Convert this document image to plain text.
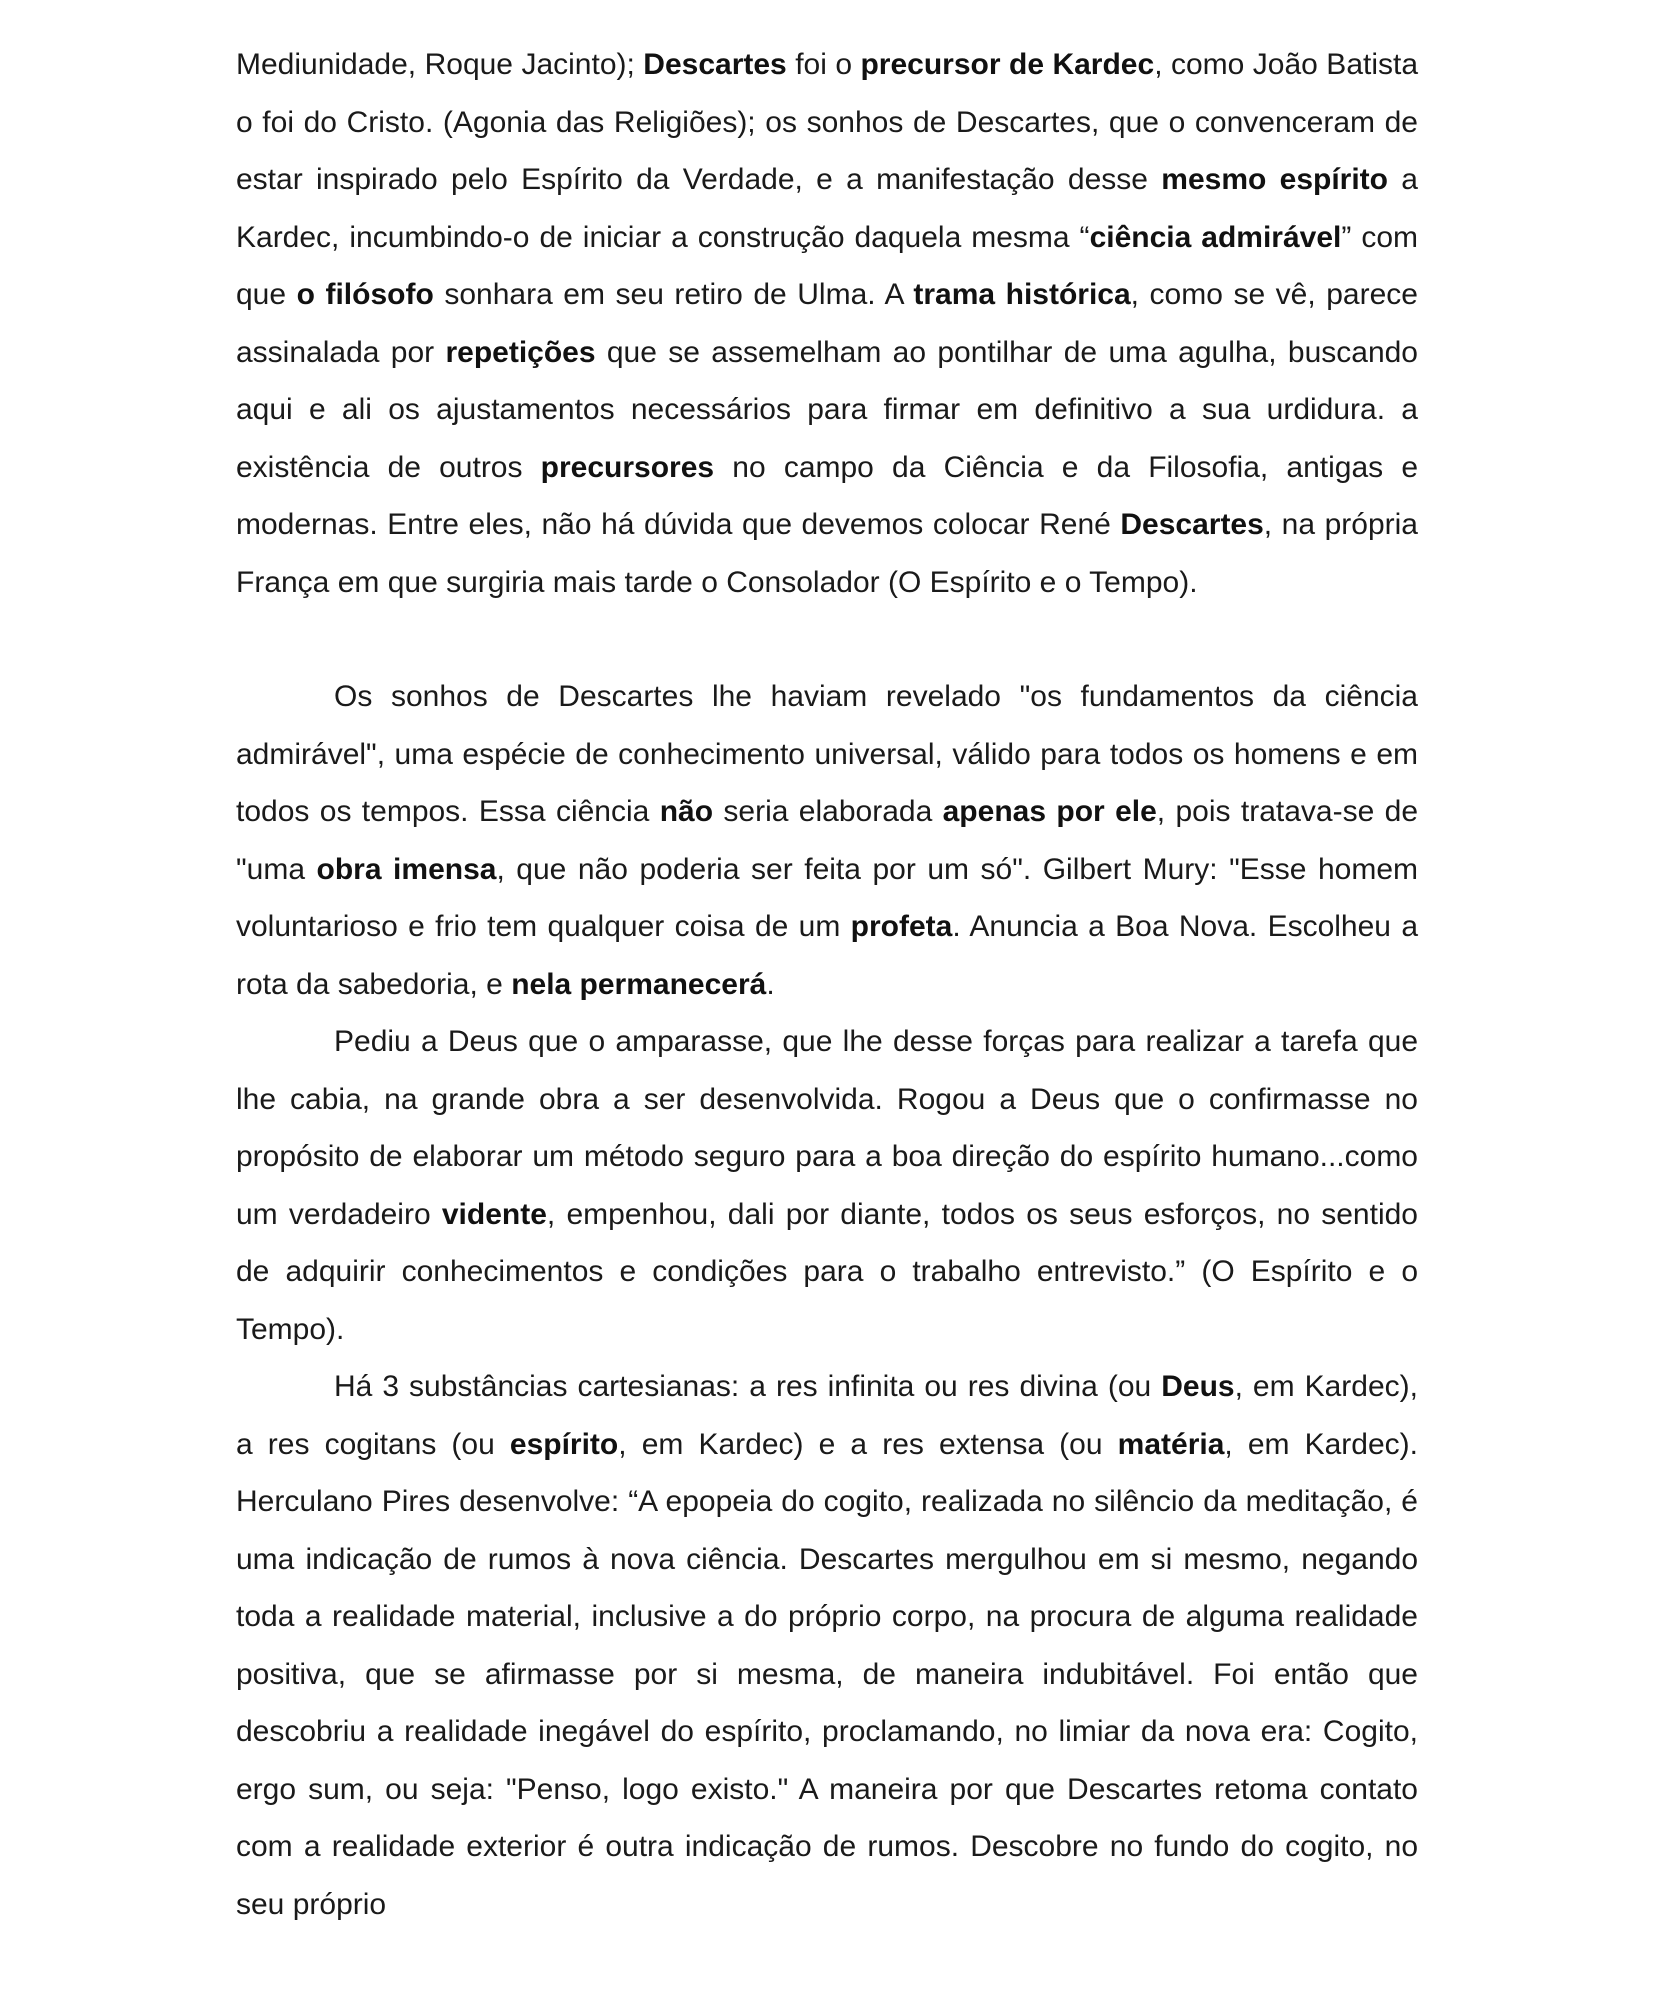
Mediunidade, Roque Jacinto); Descartes foi o precursor de Kardec, como João Batista o foi do Cristo. (Agonia das Religiões); os sonhos de Descartes, que o convenceram de estar inspirado pelo Espírito da Verdade, e a manifestação desse mesmo espírito a Kardec, incumbindo-o de iniciar a construção daquela mesma “ciência admirável” com que o filósofo sonhara em seu retiro de Ulma. A trama histórica, como se vê, parece assinalada por repetições que se assemelham ao pontilhar de uma agulha, buscando aqui e ali os ajustamentos necessários para firmar em definitivo a sua urdidura. a existência de outros precursores no campo da Ciência e da Filosofia, antigas e modernas. Entre eles, não há dúvida que devemos colocar René Descartes, na própria França em que surgiria mais tarde o Consolador (O Espírito e o Tempo).

Os sonhos de Descartes lhe haviam revelado "os fundamentos da ciência admirável", uma espécie de conhecimento universal, válido para todos os homens e em todos os tempos. Essa ciência não seria elaborada apenas por ele, pois tratava-se de "uma obra imensa, que não poderia ser feita por um só". Gilbert Mury: "Esse homem voluntarioso e frio tem qualquer coisa de um profeta. Anuncia a Boa Nova. Escolheu a rota da sabedoria, e nela permanecerá.

Pediu a Deus que o amparasse, que lhe desse forças para realizar a tarefa que lhe cabia, na grande obra a ser desenvolvida. Rogou a Deus que o confirmasse no propósito de elaborar um método seguro para a boa direção do espírito humano...como um verdadeiro vidente, empenhou, dali por diante, todos os seus esforços, no sentido de adquirir conhecimentos e condições para o trabalho entrevisto.” (O Espírito e o Tempo).

Há 3 substâncias cartesianas: a res infinita ou res divina (ou Deus, em Kardec), a res cogitans (ou espírito, em Kardec) e a res extensa (ou matéria, em Kardec). Herculano Pires desenvolve: “A epopeia do cogito, realizada no silêncio da meditação, é uma indicação de rumos à nova ciência. Descartes mergulhou em si mesmo, negando toda a realidade material, inclusive a do próprio corpo, na procura de alguma realidade positiva, que se afirmasse por si mesma, de maneira indubitável. Foi então que descobriu a realidade inegável do espírito, proclamando, no limiar da nova era: Cogito, ergo sum, ou seja: "Penso, logo existo." A maneira por que Descartes retoma contato com a realidade exterior é outra indicação de rumos. Descobre no fundo do cogito, no seu próprio
